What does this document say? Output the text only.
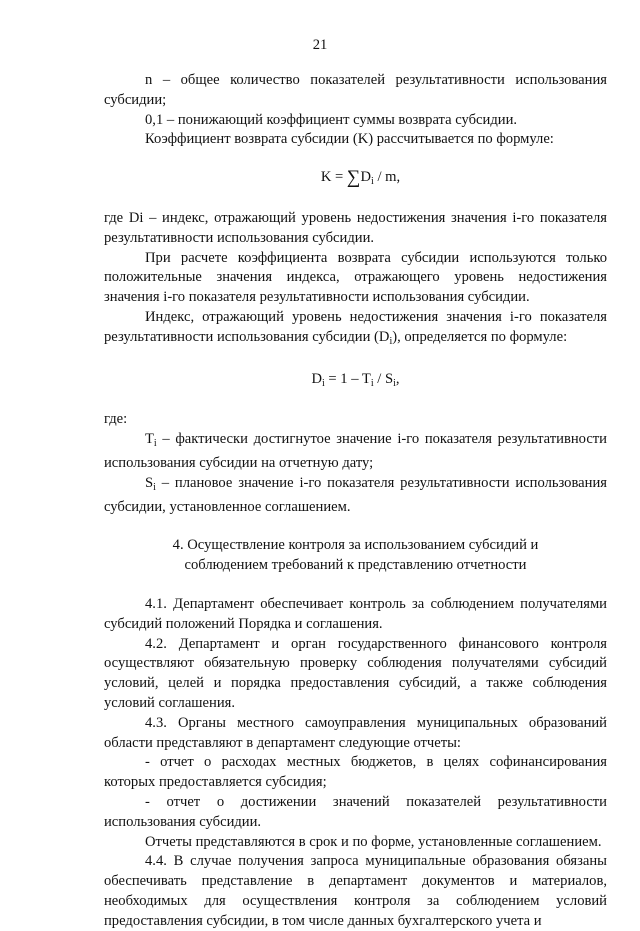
21

n – общее количество показателей результативности использования субсидии;

0,1 – понижающий коэффициент суммы возврата субсидии.

Коэффициент возврата субсидии (K) рассчитывается по формуле:

$K = \sum D_i / m$,

где Di – индекс, отражающий уровень недостижения значения i-го показателя результативности использования субсидии.

При расчете коэффициента возврата субсидии используются только положительные значения индекса, отражающего уровень недостижения значения i-го показателя результативности использования субсидии.

Индекс, отражающий уровень недостижения значения i-го показателя результативности использования субсидии $(D_i)$, определяется по формуле:

$D_i = 1 - T_i / S_i$,

где:

$T_i$ – фактически достигнутое значение i-го показателя результативности использования субсидии на отчетную дату;

$S_i$ – плановое значение i-го показателя результативности использования субсидии, установленное соглашением.

4. Осуществление контроля за использованием субсидий и
соблюдением требований к представлению отчетности

4.1. Департамент обеспечивает контроль за соблюдением получателями субсидий положений Порядка и соглашения.

4.2. Департамент и орган государственного финансового контроля осуществляют обязательную проверку соблюдения получателями субсидий условий, целей и порядка предоставления субсидий, а также соблюдения условий соглашения.

4.3. Органы местного самоуправления муниципальных образований области представляют в департамент следующие отчеты:

- отчет о расходах местных бюджетов, в целях софинансирования которых предоставляется субсидия;

- отчет о достижении значений показателей результативности использования субсидии.

Отчеты представляются в срок и по форме, установленные соглашением.

4.4. В случае получения запроса муниципальные образования обязаны обеспечивать представление в департамент документов и материалов, необходимых для осуществления контроля за соблюдением условий предоставления субсидии, в том числе данных бухгалтерского учета и
